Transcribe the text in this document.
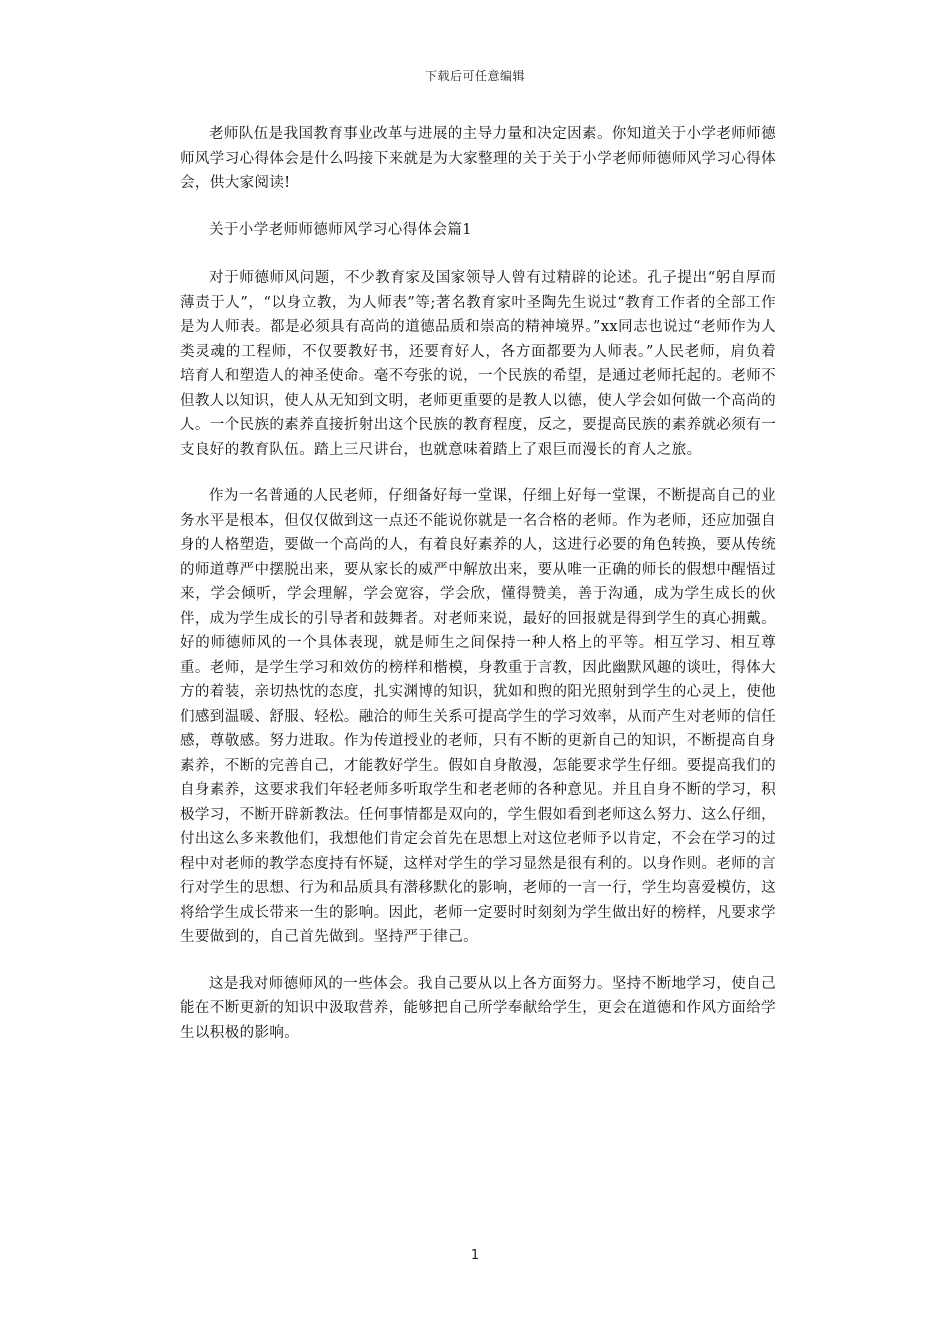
下载后可任意编辑

老师队伍是我国教育事业改革与进展的主导力量和决定因素。你知道关于小学老师师德师风学习心得体会是什么吗接下来就是为大家整理的关于关于小学老师师德师风学习心得体会，供大家阅读!

关于小学老师师德师风学习心得体会篇1

对于师德师风问题，不少教育家及国家领导人曾有过精辟的论述。孔子提出“躬自厚而薄责于人”，“以身立教，为人师表”等;著名教育家叶圣陶先生说过“教育工作者的全部工作是为人师表。都是必须具有高尚的道德品质和崇高的精神境界。”xx同志也说过“老师作为人类灵魂的工程师，不仅要教好书，还要育好人，各方面都要为人师表。”人民老师，肩负着培育人和塑造人的神圣使命。毫不夸张的说，一个民族的希望，是通过老师托起的。老师不但教人以知识，使人从无知到文明，老师更重要的是教人以德，使人学会如何做一个高尚的人。一个民族的素养直接折射出这个民族的教育程度，反之，要提高民族的素养就必须有一支良好的教育队伍。踏上三尺讲台，也就意味着踏上了艰巨而漫长的育人之旅。

作为一名普通的人民老师，仔细备好每一堂课，仔细上好每一堂课，不断提高自己的业务水平是根本，但仅仅做到这一点还不能说你就是一名合格的老师。作为老师，还应加强自身的人格塑造，要做一个高尚的人，有着良好素养的人，这进行必要的角色转换，要从传统的师道尊严中摆脱出来，要从家长的威严中解放出来，要从唯一正确的师长的假想中醒悟过来，学会倾听，学会理解，学会宽容，学会欣，懂得赞美，善于沟通，成为学生成长的伙伴，成为学生成长的引导者和鼓舞者。对老师来说，最好的回报就是得到学生的真心拥戴。好的师德师风的一个具体表现，就是师生之间保持一种人格上的平等。相互学习、相互尊重。老师，是学生学习和效仿的榜样和楷模，身教重于言教，因此幽默风趣的谈吐，得体大方的着装，亲切热忱的态度，扎实渊博的知识，犹如和煦的阳光照射到学生的心灵上，使他们感到温暖、舒服、轻松。融洽的师生关系可提高学生的学习效率，从而产生对老师的信任感，尊敬感。努力进取。作为传道授业的老师，只有不断的更新自己的知识，不断提高自身素养，不断的完善自己，才能教好学生。假如自身散漫，怎能要求学生仔细。要提高我们的自身素养，这要求我们年轻老师多听取学生和老老师的各种意见。并且自身不断的学习，积极学习，不断开辟新教法。任何事情都是双向的，学生假如看到老师这么努力、这么仔细，付出这么多来教他们，我想他们肯定会首先在思想上对这位老师予以肯定，不会在学习的过程中对老师的教学态度持有怀疑，这样对学生的学习显然是很有利的。以身作则。老师的言行对学生的思想、行为和品质具有潜移默化的影响，老师的一言一行，学生均喜爱模仿，这将给学生成长带来一生的影响。因此，老师一定要时时刻刻为学生做出好的榜样，凡要求学生要做到的，自己首先做到。坚持严于律己。

这是我对师德师风的一些体会。我自己要从以上各方面努力。坚持不断地学习，使自己能在不断更新的知识中汲取营养，能够把自己所学奉献给学生，更会在道德和作风方面给学生以积极的影响。

1
